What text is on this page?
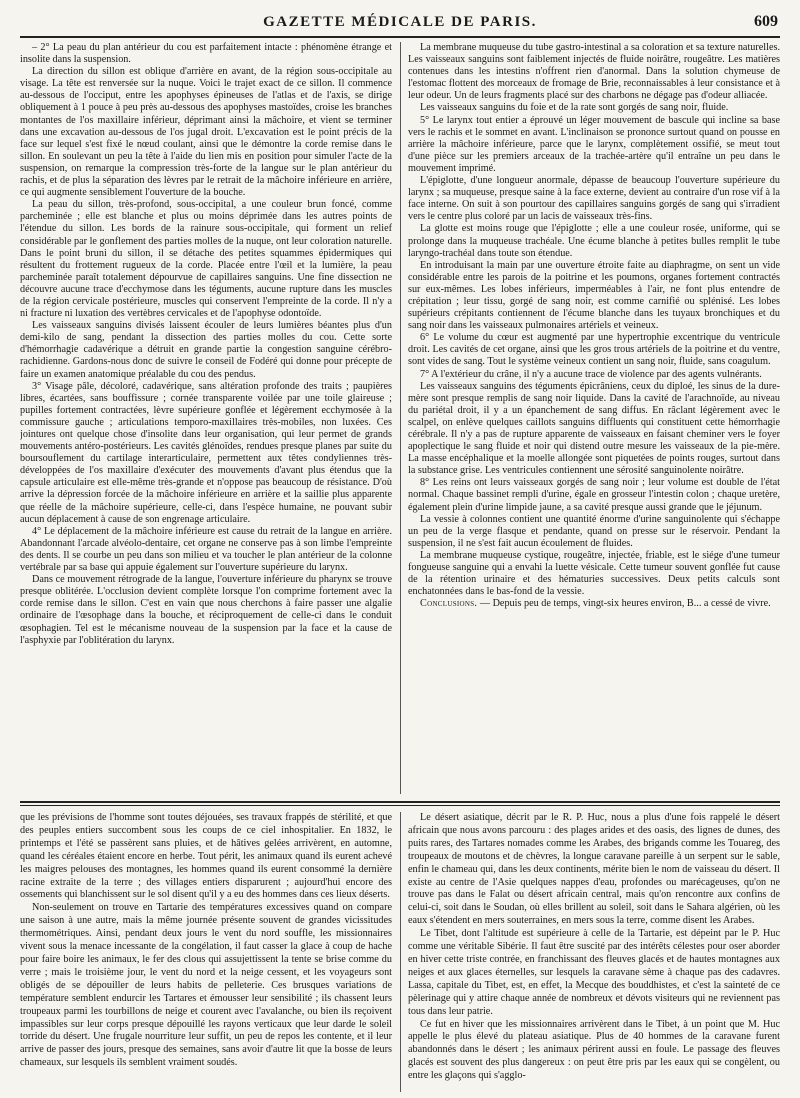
GAZETTE MÉDICALE DE PARIS.	609

– 2° La peau du plan antérieur du cou est parfaitement intacte : phénomène étrange et insolite dans la suspension.

La direction du sillon est oblique d'arrière en avant, de la région sous-occipitale au visage. La tête est renversée sur la nuque. Voici le trajet exact de ce sillon. Il commence au-dessous de l'occiput, entre les apophyses épineuses de l'atlas et de l'axis, se dirige obliquement à 1 pouce à peu près au-dessous des apophyses mastoïdes, croise les branches montantes de l'os maxillaire inférieur, déprimant ainsi la mâchoire, et vient se terminer dans une excavation au-dessous de l'os jugal droit. L'excavation est le point précis de la face sur lequel s'est fixé le nœud coulant, ainsi que le démontre la corde remise dans le sillon. En soulevant un peu la tête à l'aide du lien mis en position pour simuler l'acte de la suspension, on remarque la compression très-forte de la langue sur le plan antérieur du rachis, et de plus la séparation des lèvres par le retrait de la mâchoire inférieure en arrière, ce qui augmente sensiblement l'ouverture de la bouche.

La peau du sillon, très-profond, sous-occipital, a une couleur brun foncé, comme parcheminée ; elle est blanche et plus ou moins déprimée dans les autres points de l'étendue du sillon. Les bords de la rainure sous-occipitale, qui forment un relief considérable par le gonflement des parties molles de la nuque, ont leur coloration naturelle. Dans le point bruni du sillon, il se détache des petites squammes épidermiques qui résultent du frottement rugueux de la corde. Placée entre l'œil et la lumière, la peau parcheminée paraît totalement dépourvue de capillaires sanguins. Une fine dissection ne découvre aucune trace d'ecchymose dans les téguments, aucune rupture dans les muscles de la région cervicale postérieure, muscles qui conservent l'empreinte de la corde. Il n'y a ni fracture ni luxation des vertèbres cervicales et de l'apophyse odontoïde.

Les vaisseaux sanguins divisés laissent écouler de leurs lumières béantes plus d'un demi-kilo de sang, pendant la dissection des parties molles du cou. Cette sorte d'hémorrhagie cadavérique a détruit en grande partie la congestion sanguine cérébro-rachidienne. Gardons-nous donc de suivre le conseil de Fodéré qui donne pour précepte de faire un examen anatomique préalable du cou des pendus.

3° Visage pâle, décoloré, cadavérique, sans altération profonde des traits ; paupières libres, écartées, sans bouffissure ; cornée transparente voilée par une toile glaireuse ; pupilles fortement contractées, lèvre supérieure gonflée et légèrement ecchymosée à la commissure gauche ; articulations temporo-maxillaires très-mobiles, non luxées. Ces jointures ont quelque chose d'insolite dans leur organisation, qui leur permet de grands mouvements antéro-postérieurs. Les cavités glénoïdes, rendues presque planes par suite du boursouflement du cartilage interarticulaire, permettent aux têtes condyliennes très-développées de l'os maxillaire d'exécuter des mouvements d'avant plus étendus que la capsule articulaire est elle-même très-grande et n'oppose pas beaucoup de résistance. D'où arrive la dépression forcée de la mâchoire inférieure en arrière et la saillie plus apparente que réelle de la mâchoire supérieure, celle-ci, dans l'espèce humaine, ne pouvant subir aucun déplacement à cause de son engrenage articulaire.

4° Le déplacement de la mâchoire inférieure est cause du retrait de la langue en arrière. Abandonnant l'arcade alvéolo-dentaire, cet organe ne conserve pas à son limbe l'empreinte des dents. Il se courbe un peu dans son milieu et va toucher le plan antérieur de la colonne vertébrale par sa base qui appuie également sur l'ouverture supérieure du larynx.

Dans ce mouvement rétrograde de la langue, l'ouverture inférieure du pharynx se trouve presque oblitérée. L'occlusion devient complète lorsque l'on comprime fortement avec la corde remise dans le sillon. C'est en vain que nous cherchons à faire passer une algalie ordinaire de l'œsophage dans la bouche, et réciproquement de celle-ci dans le conduit œsophagien. Tel est le mécanisme nouveau de la suspension par la face et la cause de l'asphyxie par l'oblitération du larynx.

La membrane muqueuse du tube gastro-intestinal a sa coloration et sa texture naturelles. Les vaisseaux sanguins sont faiblement injectés de fluide noirâtre, rougeâtre. Les matières contenues dans les intestins n'offrent rien d'anormal. Dans la solution chymeuse de l'estomac flottent des morceaux de fromage de Brie, reconnaissables à leur consistance et à leur odeur. Un de leurs fragments placé sur des charbons ne dégage pas d'odeur alliacée.

Les vaisseaux sanguins du foie et de la rate sont gorgés de sang noir, fluide.

5° Le larynx tout entier a éprouvé un léger mouvement de bascule qui incline sa base vers le rachis et le sommet en avant. L'inclinaison se prononce surtout quand on pousse en arrière la mâchoire inférieure, parce que le larynx, complètement ossifié, se meut tout d'une pièce sur les premiers arceaux de la trachée-artère qu'il entraîne un peu dans le mouvement imprimé.

L'épiglotte, d'une longueur anormale, dépasse de beaucoup l'ouverture supérieure du larynx ; sa muqueuse, presque saine à la face externe, devient au contraire d'un rose vif à la face interne. On suit à son pourtour des capillaires sanguins gorgés de sang qui s'irradient vers le centre plus coloré par un lacis de vaisseaux très-fins.

La glotte est moins rouge que l'épiglotte ; elle a une couleur rosée, uniforme, qui se prolonge dans la muqueuse trachéale. Une écume blanche à petites bulles remplit le tube laryngo-trachéal dans toute son étendue.

En introduisant la main par une ouverture étroite faite au diaphragme, on sent un vide considérable entre les parois de la poitrine et les poumons, organes fortement contractés sur eux-mêmes. Les lobes inférieurs, imperméables à l'air, ne font plus entendre de crépitation ; leur tissu, gorgé de sang noir, est comme carnifié ou splénisé. Les lobes supérieurs crépitants contiennent de l'écume blanche dans les tuyaux bronchiques et du sang noir dans les vaisseaux pulmonaires artériels et veineux.

6° Le volume du cœur est augmenté par une hypertrophie excentrique du ventricule droit. Les cavités de cet organe, ainsi que les gros trous artériels de la poitrine et du ventre, sont vides de sang. Tout le système veineux contient un sang noir, fluide, sans coagulum.

7° A l'extérieur du crâne, il n'y a aucune trace de violence par des agents vulnérants.

Les vaisseaux sanguins des téguments épicrâniens, ceux du diploé, les sinus de la dure-mère sont presque remplis de sang noir liquide. Dans la cavité de l'arachnoïde, au niveau du pariétal droit, il y a un épanchement de sang diffus. En râclant légèrement avec le scalpel, on enlève quelques caillots sanguins diffluents qui constituent cette hémorrhagie cérébrale. Il n'y a pas de rupture apparente de vaisseaux en faisant cheminer vers le foyer apoplectique le sang fluide et noir qui distend outre mesure les vaisseaux de la pie-mère. La masse encéphalique et la moelle allongée sont piquetées de points rouges, surtout dans la substance grise. Les ventricules contiennent une sérosité sanguinolente noirâtre.

8° Les reins ont leurs vaisseaux gorgés de sang noir ; leur volume est double de l'état normal. Chaque bassinet rempli d'urine, égale en grosseur l'intestin colon ; chaque uretère, également plein d'urine limpide jaune, a sa cavité presque aussi grande que le jéjunum.

La vessie à colonnes contient une quantité énorme d'urine sanguinolente qui s'échappe un peu de la verge flasque et pendante, quand on presse sur le réservoir. Pendant la suspension, il ne s'est fait aucun écoulement de fluides.

La membrane muqueuse cystique, rougeâtre, injectée, friable, est le siége d'une tumeur fongueuse sanguine qui a envahi la luette vésicale. Cette tumeur souvent gonflée fut cause de la rétention urinaire et des hématuries successives. Deux petits calculs sont enchatonnées dans le bas-fond de la vessie.

Conclusions. — Depuis peu de temps, vingt-six heures environ, B... a cessé de vivre.

que les prévisions de l'homme sont toutes déjouées, ses travaux frappés de stérilité, et que des peuples entiers succombent sous les coups de ce ciel inhospitalier. En 1832, le printemps et l'été se passèrent sans pluies, et de hâtives gelées arrivèrent, en automne, quand les céréales étaient encore en herbe. Tout périt, les animaux quand ils eurent achevé les maigres pelouses des montagnes, les hommes quand ils eurent consommé la dernière racine extraite de la terre ; des villages entiers disparurent ; aujourd'hui encore des ossements qui blanchissent sur le sol disent qu'il y a eu des hommes dans ces lieux déserts.

Non-seulement on trouve en Tartarie des températures excessives quand on compare une saison à une autre, mais la même journée présente souvent de grandes vicissitudes thermométriques. Ainsi, pendant deux jours le vent du nord souffle, les missionnaires vivent sous la menace incessante de la congélation, il faut casser la glace à coup de hache pour faire boire les animaux, le fer des clous qui assujettissent la tente se brise comme du verre ; mais le troisième jour, le vent du nord et la neige cessent, et les voyageurs sont obligés de se dépouiller de leurs habits de pelleterie. Ces brusques variations de température semblent endurcir les Tartares et émousser leur sensibilité ; ils chassent leurs troupeaux parmi les tourbillons de neige et courent avec l'avalanche, ou bien ils reçoivent impassibles sur leur corps presque dépouillé les rayons verticaux que leur darde le soleil torride du désert. Une frugale nourriture leur suffit, un peu de repos les contente, et il leur arrive de passer des jours, presque des semaines, sans avoir d'autre lit que la bosse de leurs chameaux, sur lesquels ils semblent vraiment soudés.

Le désert asiatique, décrit par le R. P. Huc, nous a plus d'une fois rappelé le désert africain que nous avons parcouru : des plages arides et des oasis, des lignes de dunes, des puits rares, des Tartares nomades comme les Arabes, des brigands comme les Touareg, des troupeaux de moutons et de chèvres, la longue caravane pareille à un serpent sur le sable, enfin le chameau qui, dans les deux continents, mérite bien le nom de vaisseau du désert. Il existe au centre de l'Asie quelques nappes d'eau, profondes ou marécageuses, qu'on ne trouve pas dans le Falat ou désert africain central, mais qu'on rencontre aux confins de celui-ci, soit dans le Soudan, où elles brillent au soleil, soit dans le Sahara algérien, où les eaux s'étendent en mers souterraines, en mers sous la terre, comme disent les Arabes.

Le Tibet, dont l'altitude est supérieure à celle de la Tartarie, est dépeint par le P. Huc comme une véritable Sibérie. Il faut être suscité par des intérêts célestes pour oser aborder en hiver cette triste contrée, en franchissant des fleuves glacés et de hautes montagnes aux neiges et aux glaces éternelles, sur lesquels la caravane sème à chaque pas des cadavres. Lassa, capitale du Tibet, est, en effet, la Mecque des bouddhistes, et c'est la sainteté de ce pèlerinage qui y attire chaque année de nombreux et dévots visiteurs qui ne reviennent pas tous dans leur patrie.

Ce fut en hiver que les missionnaires arrivèrent dans le Tibet, à un point que M. Huc appelle le plus élevé du plateau asiatique. Plus de 40 hommes de la caravane furent abandonnés dans le désert ; les animaux périrent aussi en foule. Le passage des fleuves glacés est souvent des plus dangereux : on peut être pris par les eaux qui se congèlent, ou entre les glaçons qui s'agglo-
